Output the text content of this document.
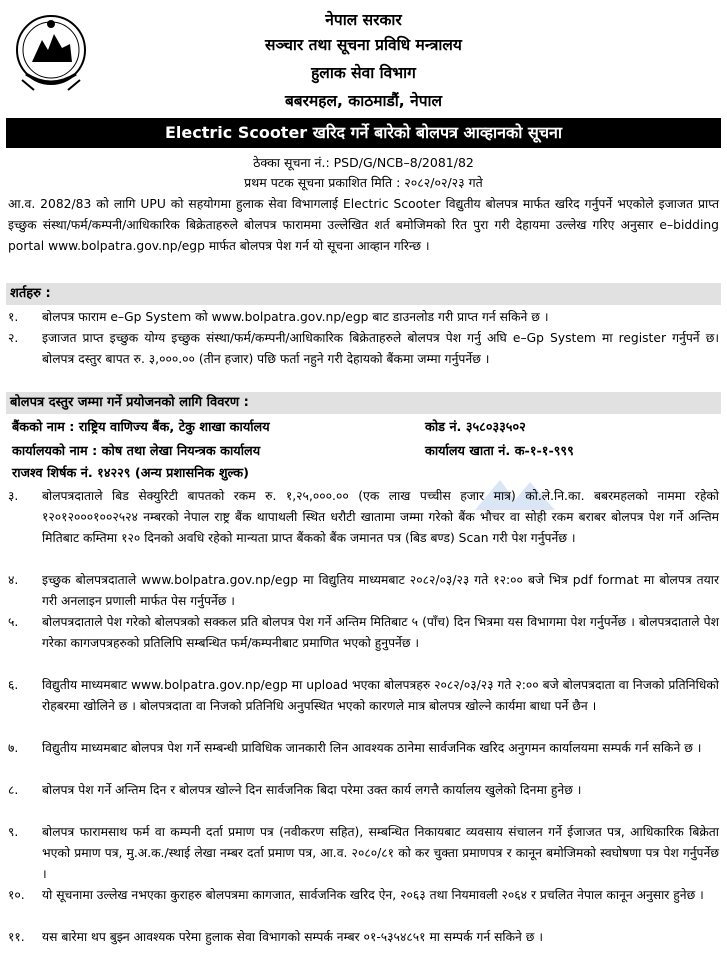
नेपाल सरकार
सञ्चार तथा सूचना प्रविधि मन्त्रालय
हुलाक सेवा विभाग
बबरमहल, काठमाडौं, नेपाल
Electric Scooter खरिद गर्ने बारेको बोलपत्र आव्हानको सूचना
ठेक्का सूचना नं.: PSD/G/NCB–8/2081/82
प्रथम पटक सूचना प्रकाशित मिति : २०८२/०२/२३ गते
आ.व. 2082/83 को लागि UPU को सहयोगमा हुलाक सेवा विभागलाई Electric Scooter विद्युतीय बोलपत्र मार्फत खरिद गर्नुपर्ने भएकोले इजाजत प्राप्त इच्छुक संस्था/फर्म/कम्पनी/आधिकारिक बिक्रेताहरुले बोलपत्र फाराममा उल्लेखित शर्त बमोजिमको रित पुरा गरी देहायमा उल्लेख गरिए अनुसार e–bidding portal www.bolpatra.gov.np/egp मार्फत बोलपत्र पेश गर्न यो सूचना आव्हान गरिन्छ ।
शर्तहरु :
१.	बोलपत्र फाराम e–Gp System को www.bolpatra.gov.np/egp बाट डाउनलोड गरी प्राप्त गर्न सकिने छ ।
२.	इजाजत प्राप्त इच्छुक योग्य इच्छुक संस्था/फर्म/कम्पनी/आधिकारिक बिक्रेताहरुले बोलपत्र पेश गर्नु अघि e–Gp System मा register गर्नुपर्ने छ। बोलपत्र दस्तुर बापत रु. ३,०००.०० (तीन हजार) पछि फर्ता नहुने गरी देहायको बैंकमा जम्मा गर्नुपर्नेछ ।
बोलपत्र दस्तुर जम्मा गर्ने प्रयोजनको लागि विवरण :
बैंकको नाम : राष्ट्रिय वाणिज्य बैंक, टेकु शाखा कार्यालय	कोड नं. ३५८०३३५०२
कार्यालयको नाम : कोष तथा लेखा नियन्त्रक कार्यालय	कार्यालय खाता नं. क-१-१-९९९
राजश्व शिर्षक नं. १४२२९ (अन्य प्रशासनिक शुल्क)
३.	बोलपत्रदाताले बिड सेक्युरिटी बापतको रकम रु. १,२५,०००.०० (एक लाख पच्चीस हजार मात्र) को.ले.नि.का. बबरमहलको नाममा रहेको १२०१२०००१००२५२४ नम्बरको नेपाल राष्ट्र बैंक थापाथली स्थित धरौटी खातामा जम्मा गरेको बैंक भौचर वा सोही रकम बराबर बोलपत्र पेश गर्ने अन्तिम मितिबाट कम्तिमा १२० दिनको अवधि रहेको मान्यता प्राप्त बैंकको बैंक जमानत पत्र (बिड बण्ड) Scan गरी पेश गर्नुपर्नेछ ।
४.	इच्छुक बोलपत्रदाताले www.bolpatra.gov.np/egp मा विद्युतिय माध्यमबाट २०८२/०३/२३ गते १२:०० बजे भित्र pdf format मा बोलपत्र तयार गरी अनलाइन प्रणाली मार्फत पेस गर्नुपर्नेछ ।
५.	बोलपत्रदाताले पेश गरेको बोलपत्रको सक्कल प्रति बोलपत्र पेश गर्ने अन्तिम मितिबाट ५ (पाँच) दिन भित्रमा यस विभागमा पेश गर्नुपर्नेछ । बोलपत्रदाताले पेश गरेका कागजपत्रहरुको प्रतिलिपि सम्बन्धित फर्म/कम्पनीबाट प्रमाणित भएको हुनुपर्नेछ ।
६.	विद्युतीय माध्यमबाट www.bolpatra.gov.np/egp मा upload भएका बोलपत्रहरु २०८२/०३/२३ गते २:०० बजे बोलपत्रदाता वा निजको प्रतिनिधिको रोहबरमा खोलिने छ । बोलपत्रदाता वा निजको प्रतिनिधि अनुपस्थित भएको कारणले मात्र बोलपत्र खोल्ने कार्यमा बाधा पर्ने छैन ।
७.	विद्युतीय माध्यमबाट बोलपत्र पेश गर्ने सम्बन्धी प्राविधिक जानकारी लिन आवश्यक ठानेमा सार्वजनिक खरिद अनुगमन कार्यालयमा सम्पर्क गर्न सकिने छ ।
८.	बोलपत्र पेश गर्ने अन्तिम दिन र बोलपत्र खोल्ने दिन सार्वजनिक बिदा परेमा उक्त कार्य लगत्तै कार्यालय खुलेको दिनमा हुनेछ ।
९.	बोलपत्र फारामसाथ फर्म वा कम्पनी दर्ता प्रमाण पत्र (नवीकरण सहित), सम्बन्धित निकायबाट व्यवसाय संचालन गर्ने ईजाजत पत्र, आधिकारिक बिक्रेता भएको प्रमाण पत्र, मु.अ.क./स्थाई लेखा नम्बर दर्ता प्रमाण पत्र, आ.व. २०८०/८१ को कर चुक्ता प्रमाणपत्र र कानून बमोजिमको स्वघोषणा पत्र पेश गर्नुपर्नेछ ।
१०.	यो सूचनामा उल्लेख नभएका कुराहरु बोलपत्रमा कागजात, सार्वजनिक खरिद ऐन, २०६३ तथा नियमावली २०६४ र प्रचलित नेपाल कानून अनुसार हुनेछ ।
११.	यस बारेमा थप बुझ्न आवश्यक परेमा हुलाक सेवा विभागको सम्पर्क नम्बर ०१-५३५४८५१ मा सम्पर्क गर्न सकिने छ ।
